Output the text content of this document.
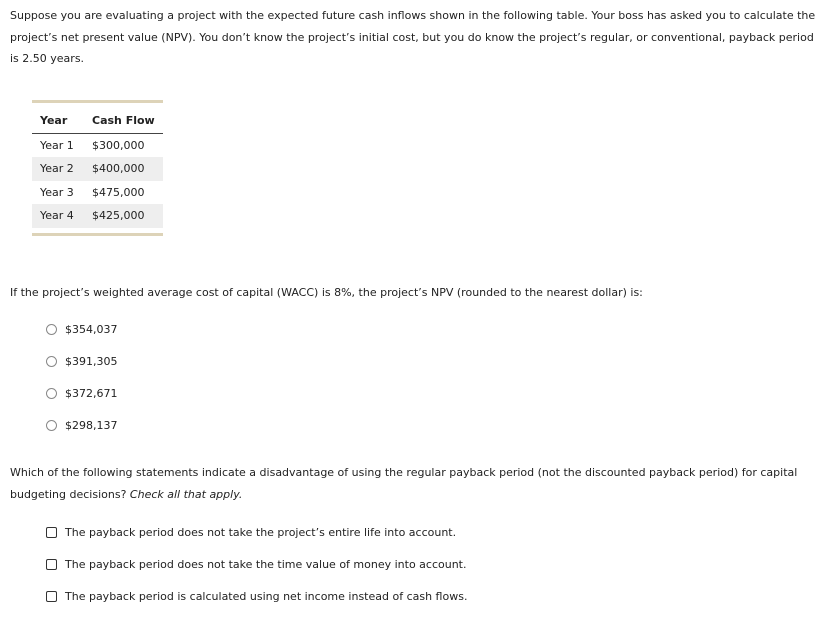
Suppose you are evaluating a project with the expected future cash inflows shown in the following table. Your boss has asked you to calculate the project’s net present value (NPV). You don’t know the project’s initial cost, but you do know the project’s regular, or conventional, payback period is 2.50 years.

Year	Cash Flow
Year 1	$300,000
Year 2	$400,000
Year 3	$475,000
Year 4	$425,000

If the project’s weighted average cost of capital (WACC) is 8%, the project’s NPV (rounded to the nearest dollar) is:

$354,037
$391,305
$372,671
$298,137

Which of the following statements indicate a disadvantage of using the regular payback period (not the discounted payback period) for capital budgeting decisions? Check all that apply.

The payback period does not take the project’s entire life into account.
The payback period does not take the time value of money into account.
The payback period is calculated using net income instead of cash flows.
